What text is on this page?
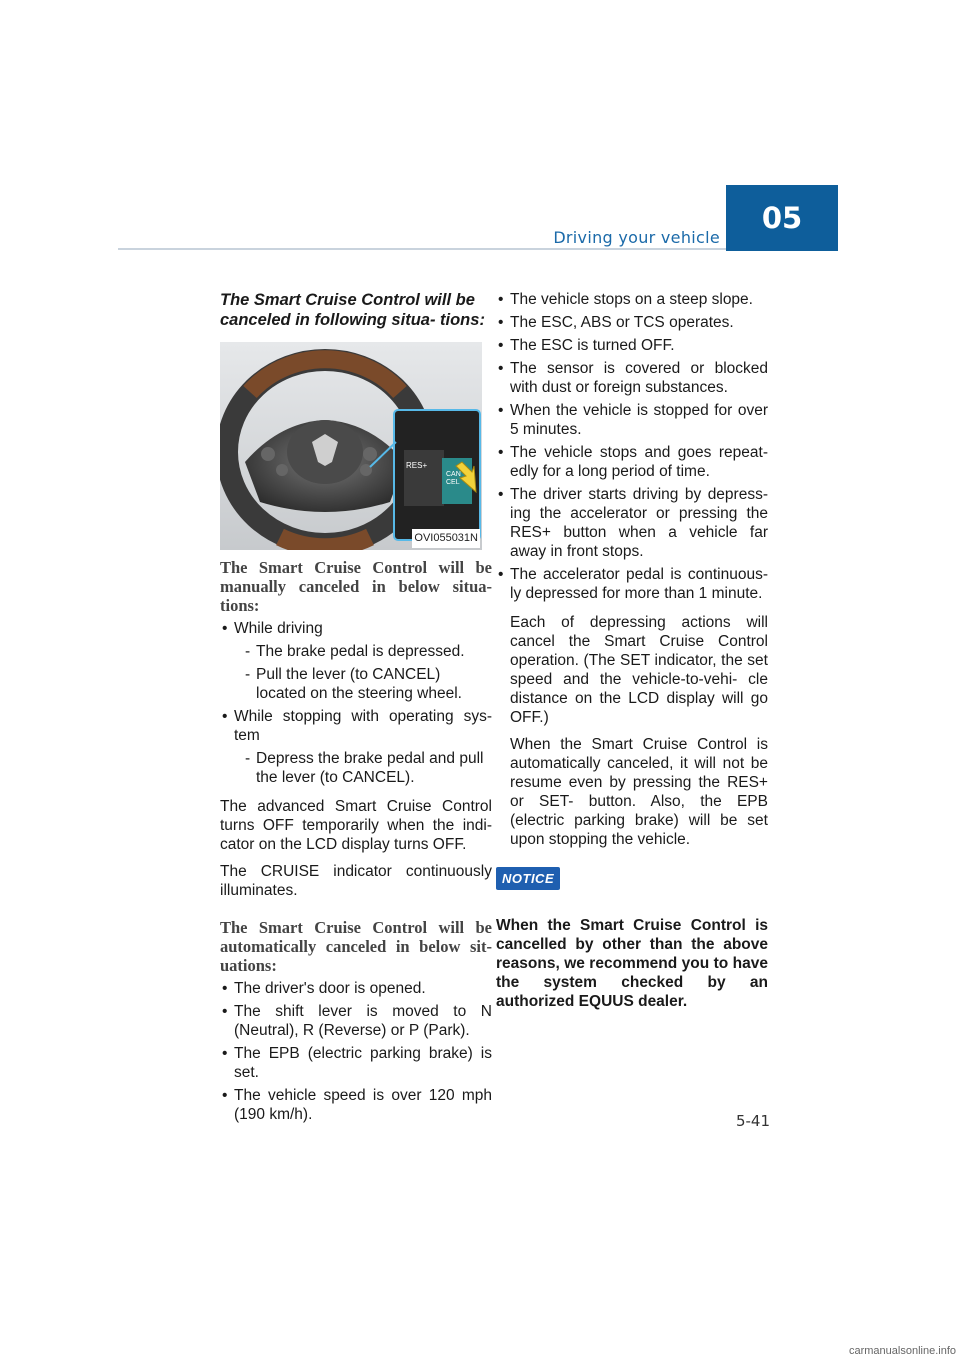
Driving your vehicle
05

The Smart Cruise Control will be canceled in following situa- tions:

RES+
CAN
CEL
OVI055031N

The Smart Cruise Control will be manually canceled in below situa- tions:

• While driving
- The brake pedal is depressed.
- Pull the lever (to CANCEL) located on the steering wheel.
• While stopping with operating sys- tem
- Depress the brake pedal and pull the lever (to CANCEL).

The advanced Smart Cruise Control turns OFF temporarily when the indi- cator on the LCD display turns OFF.

The CRUISE indicator continuously illuminates.

The Smart Cruise Control will be automatically canceled in below sit- uations:

• The driver's door is opened.
• The shift lever is moved to N (Neutral), R (Reverse) or P (Park).
• The EPB (electric parking brake) is set.
• The vehicle speed is over 120 mph (190 km/h).
• The vehicle stops on a steep slope.
• The ESC, ABS or TCS operates.
• The ESC is turned OFF.
• The sensor is covered or blocked with dust or foreign substances.
• When the vehicle is stopped for over 5 minutes.
• The vehicle stops and goes repeat- edly for a long period of time.
• The driver starts driving by depress- ing the accelerator or pressing the RES+ button when a vehicle far away in front stops.
• The accelerator pedal is continuous- ly depressed for more than 1 minute.

Each of depressing actions will cancel the Smart Cruise Control operation. (The SET indicator, the set speed and the vehicle-to-vehi- cle distance on the LCD display will go OFF.)

When the Smart Cruise Control is automatically canceled, it will not be resume even by pressing the RES+ or SET- button. Also, the EPB (electric parking brake) will be set upon stopping the vehicle.

NOTICE

When the Smart Cruise Control is cancelled by other than the above reasons, we recommend you to have the system checked by an authorized EQUUS dealer.

5-41
carmanualsonline.info
